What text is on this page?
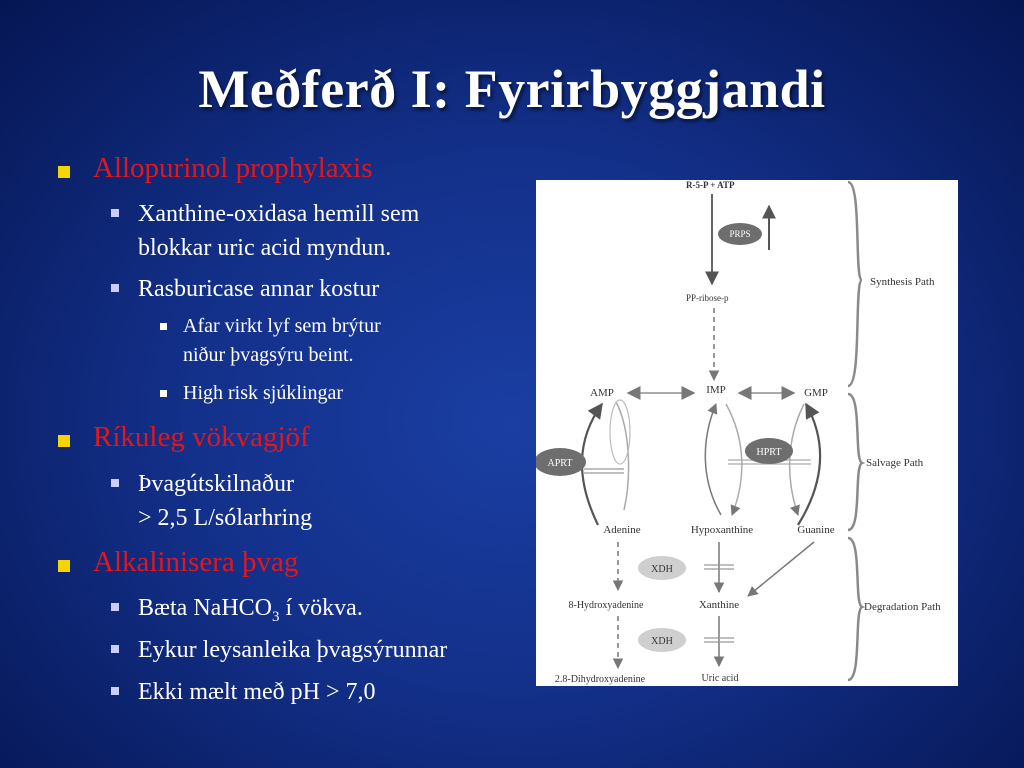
Meðferð I: Fyrirbyggjandi
Allopurinol prophylaxis
Xanthine-oxidasa hemill sem
blokkar uric acid myndun.
Rasburicase annar kostur
Afar virkt lyf sem brýtur
niður þvagsýru beint.
High risk sjúklingar
Ríkuleg vökvagjöf
Þvagútskilnaður
> 2,5 L/sólarhring
Alkalinisera þvag
Bæta NaHCO$_3$ í vökva.
Eykur leysanleika þvagsýrunnar
Ekki mælt með pH > 7,0
R-5-P + ATP
PRPS
PP-ribose-p
AMP	IMP	GMP
APRT
HPRT
Adenine	Hypoxanthine	Guanine
XDH
8-Hydroxyadenine
XDH
2.8-Dihydroxyadenine
Xanthine
Uric acid
Synthesis Path
Salvage Path
Degradation Path
